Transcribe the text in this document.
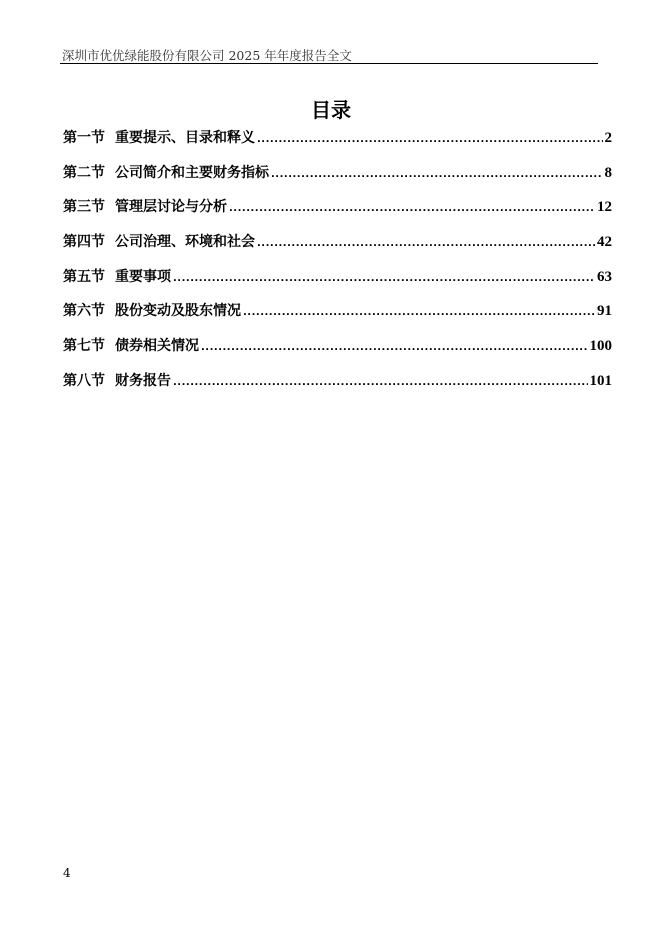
深圳市优优绿能股份有限公司 2025 年年度报告全文
目录
第一节 重要提示、目录和释义 .....	2
第二节 公司简介和主要财务指标 .....	8
第三节 管理层讨论与分析 .....	12
第四节 公司治理、环境和社会 .....	42
第五节 重要事项 .....	63
第六节 股份变动及股东情况 .....	91
第七节 债券相关情况 .....	100
第八节 财务报告 .....	101
4
